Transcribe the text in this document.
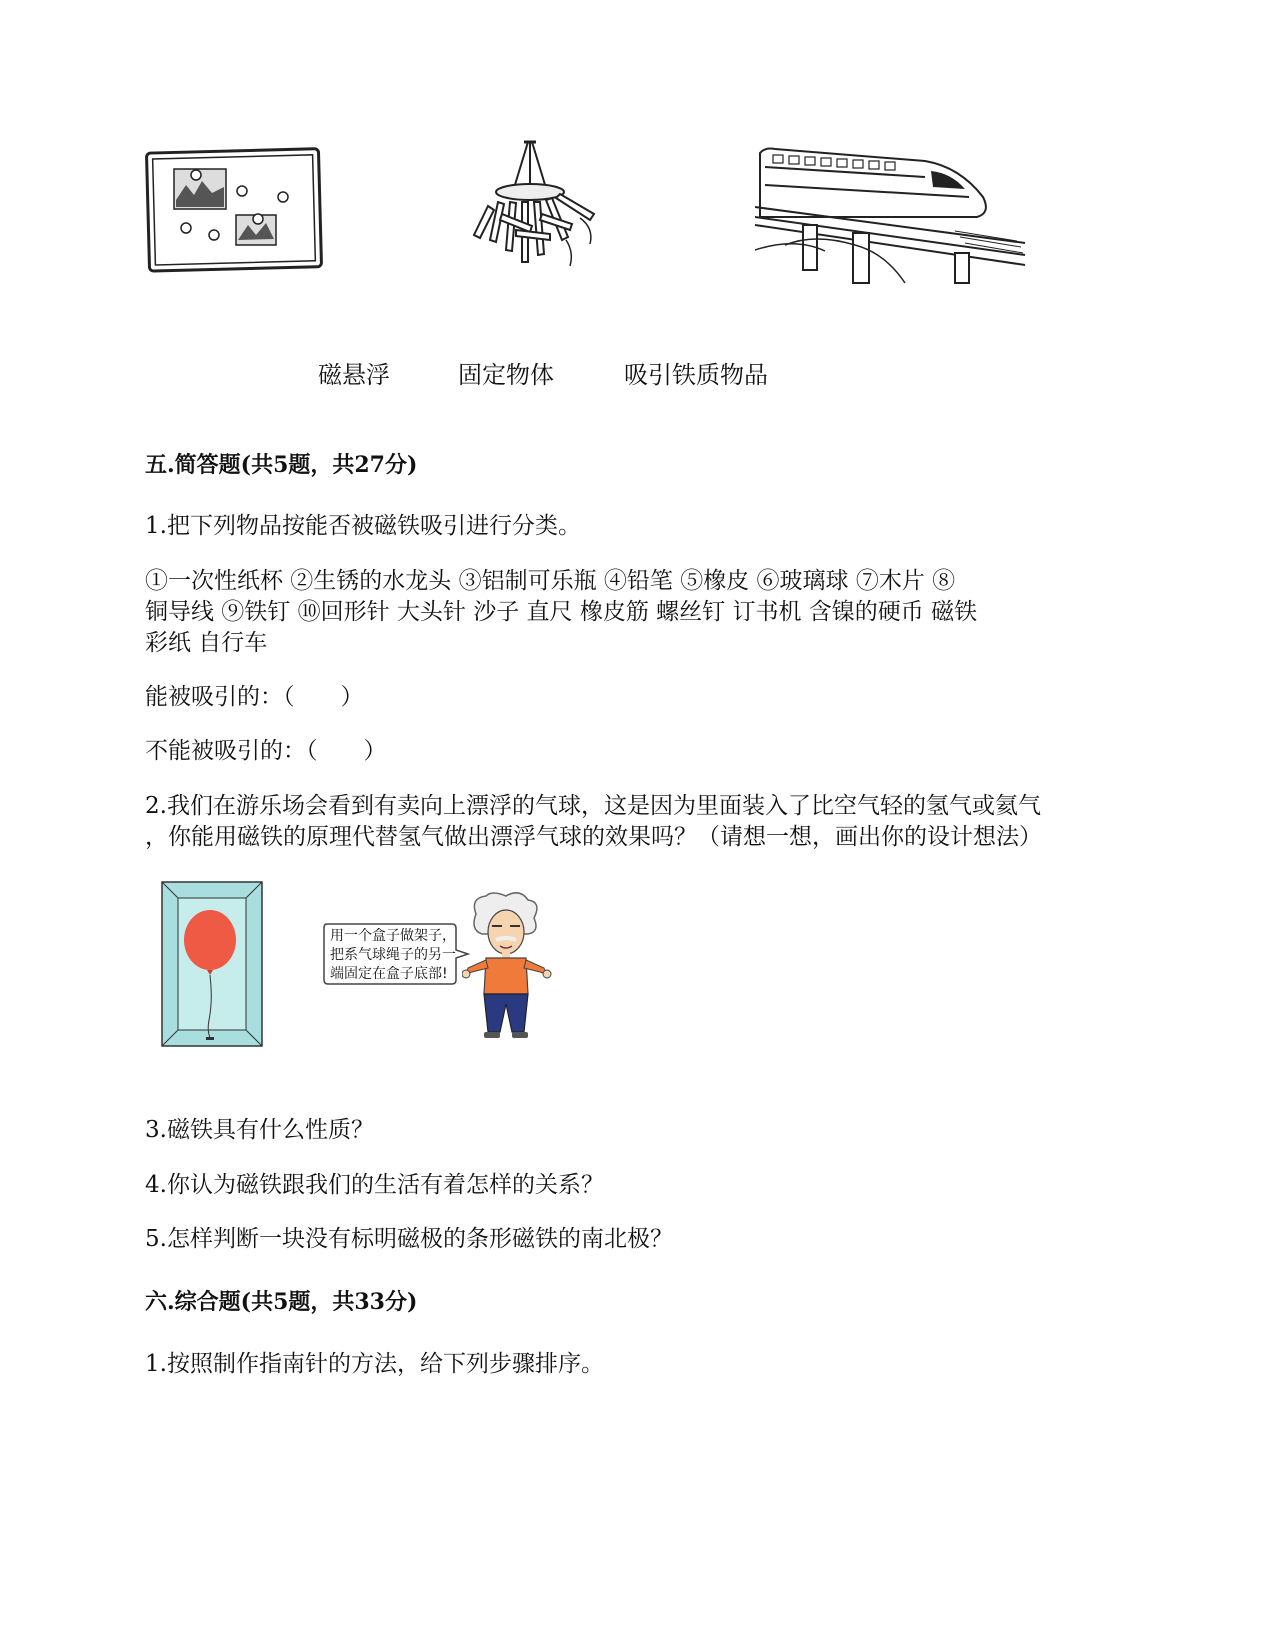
磁悬浮	固定物体	吸引铁质物品
五.简答题(共5题，共27分)
1.把下列物品按能否被磁铁吸引进行分类。
①一次性纸杯 ②生锈的水龙头 ③铝制可乐瓶 ④铅笔 ⑤橡皮 ⑥玻璃球 ⑦木片 ⑧
铜导线 ⑨铁钉 ⑩回形针 大头针 沙子 直尺 橡皮筋 螺丝钉 订书机 含镍的硬币 磁铁
彩纸 自行车
能被吸引的：（　　）
不能被吸引的：（　　）
2.我们在游乐场会看到有卖向上漂浮的气球，这是因为里面装入了比空气轻的氢气或氦气
，你能用磁铁的原理代替氢气做出漂浮气球的效果吗？（请想一想，画出你的设计想法）
用一个盒子做架子，
把系气球绳子的另一
端固定在盒子底部!
3.磁铁具有什么性质？
4.你认为磁铁跟我们的生活有着怎样的关系？
5.怎样判断一块没有标明磁极的条形磁铁的南北极？
六.综合题(共5题，共33分)
1.按照制作指南针的方法，给下列步骤排序。
